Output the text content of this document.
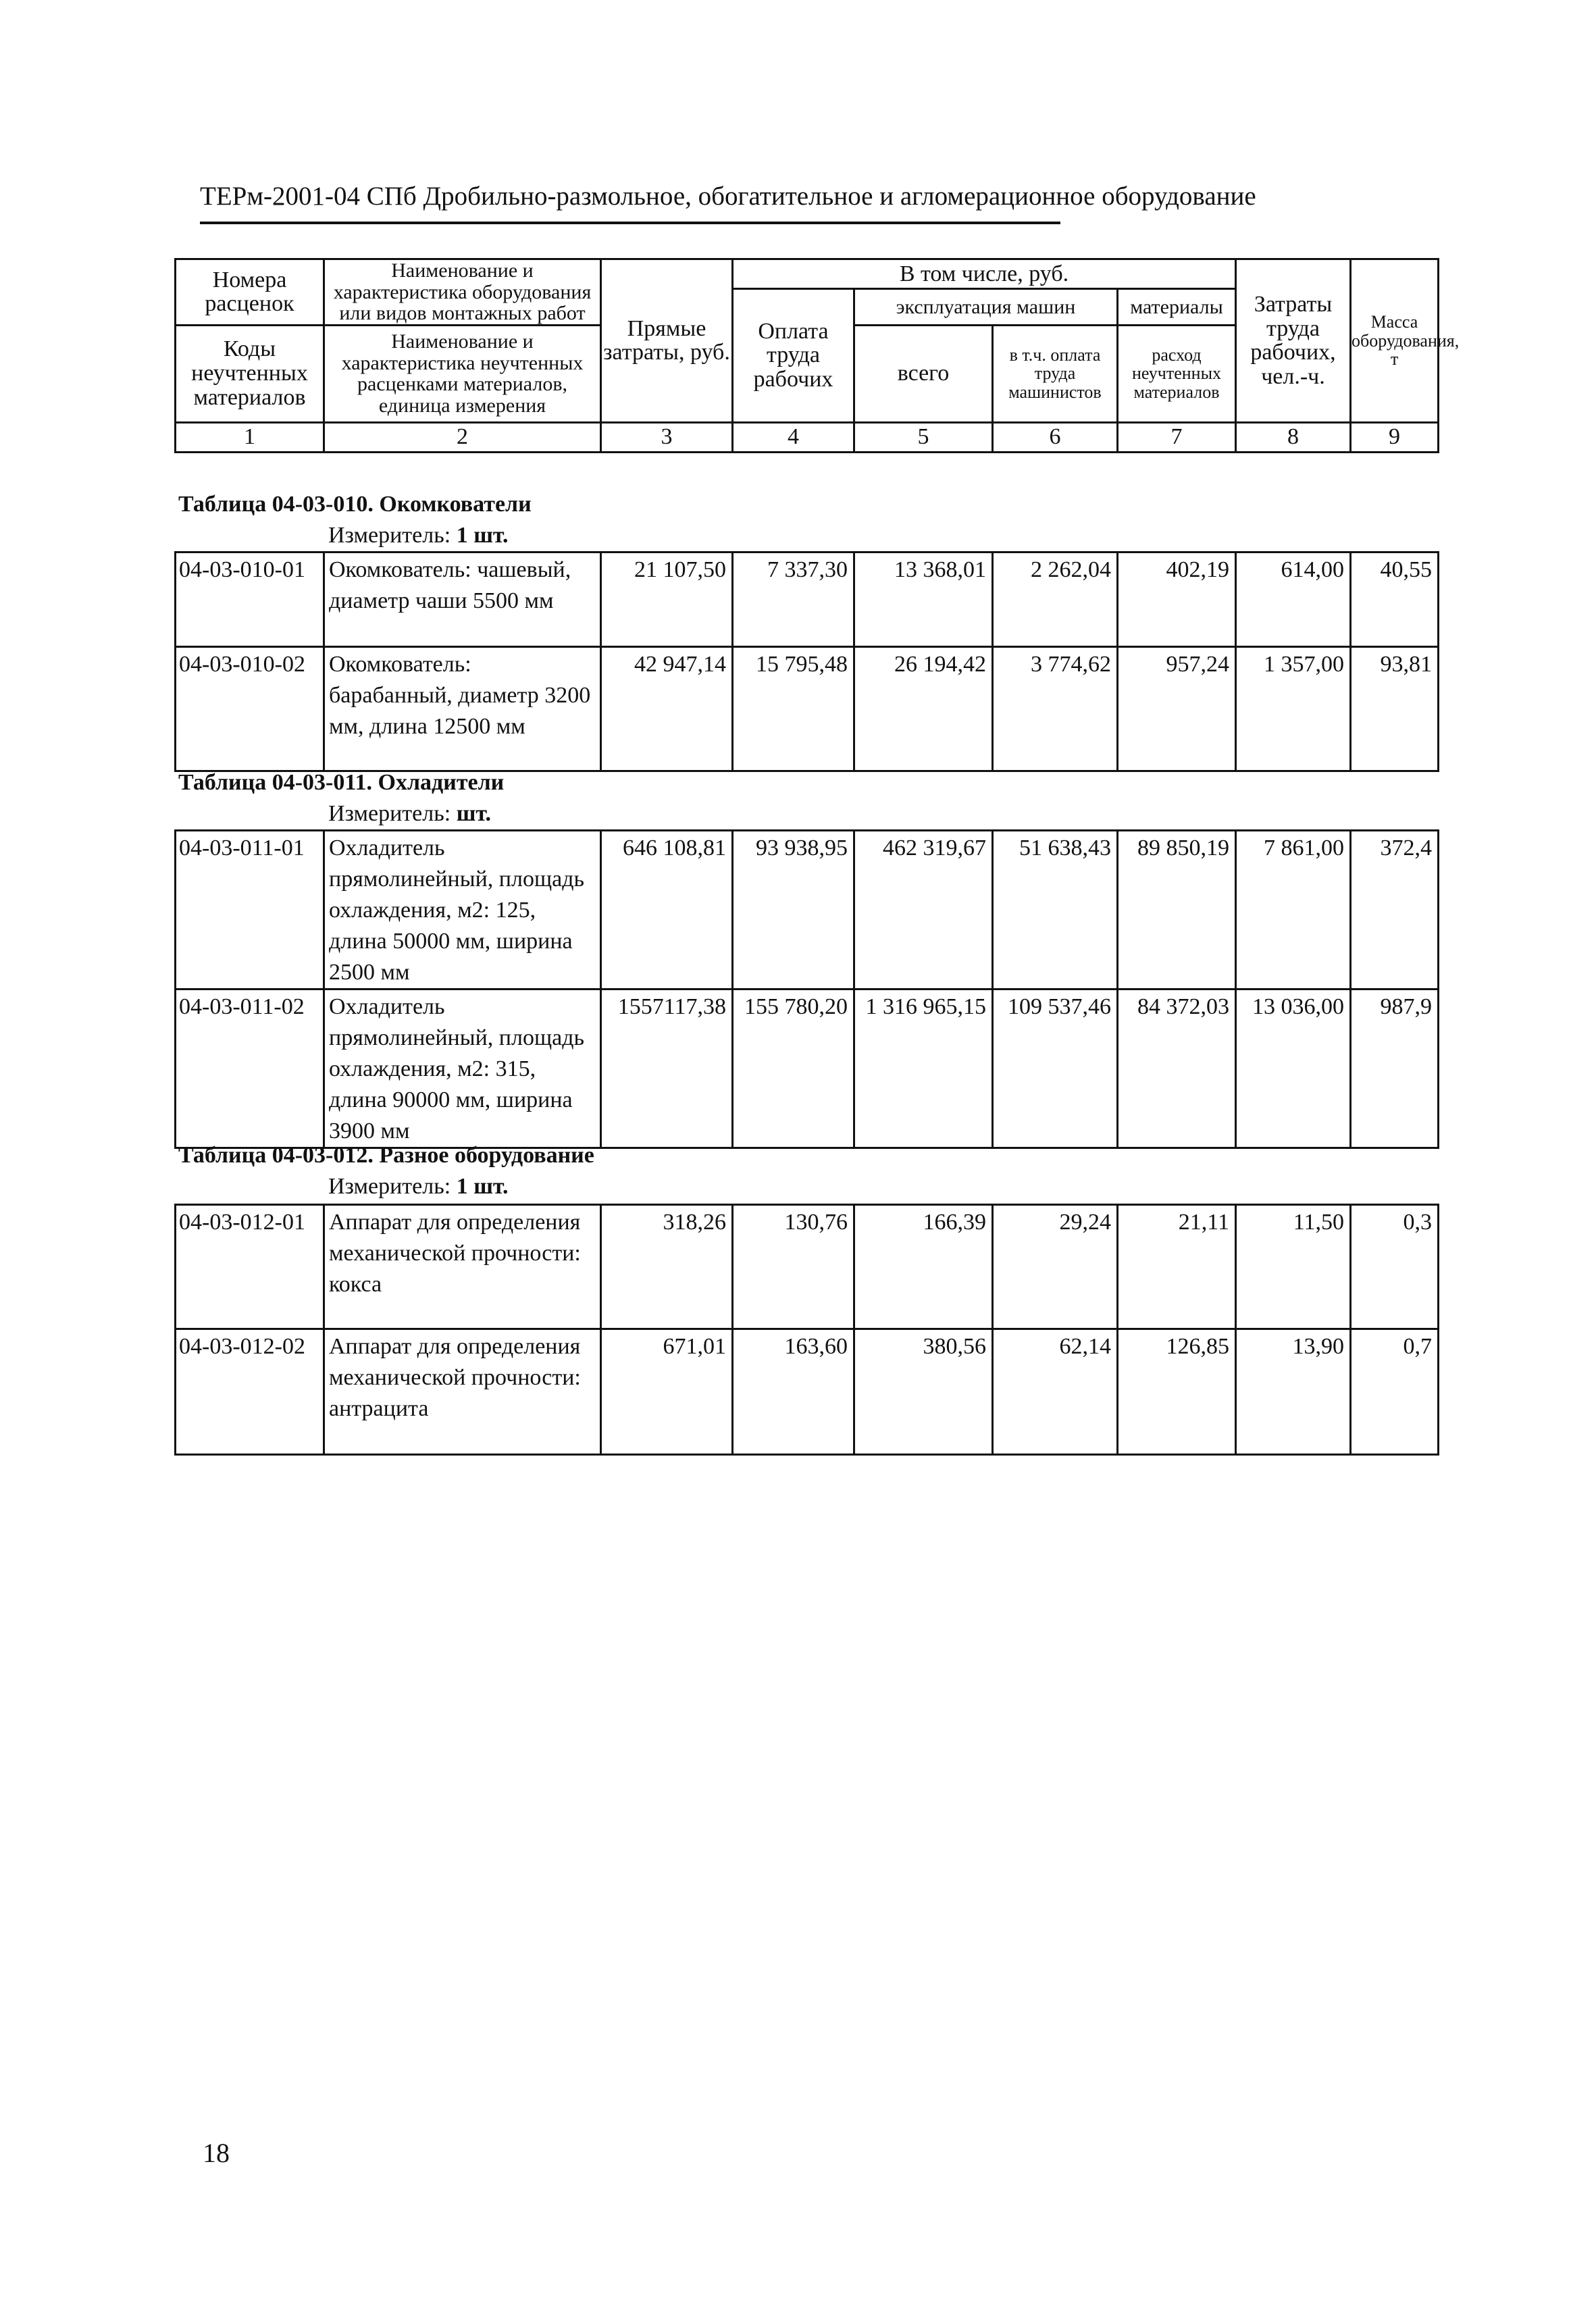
ТЕРм-2001-04 СПб Дробильно-размольное, обогатительное и агломерационное оборудование
Номера расценок	Наименование и характеристика оборудования или видов монтажных работ	Прямые затраты, руб.	В том числе, руб.				Затраты труда рабочих, чел.-ч.	Масса оборудования, т
			Оплата труда рабочих	эксплуатация машин		материалы		
Коды неучтенных материалов	Наименование и характеристика неучтенных расценками материалов, единица измерения			всего	в т.ч. оплата труда машинистов	расход неучтенных материалов		

1	2	3	4	5	6	7	8	9
Таблица 04-03-010. Окомкователи
Измеритель: 1 шт.
04-03-010-01	Окомкователь: чашевый, диаметр чаши 5500 мм	21 107,50	7 337,30	13 368,01	2 262,04	402,19	614,00	40,55
04-03-010-02	Окомкователь: барабанный, диаметр 3200 мм, длина 12500 мм	42 947,14	15 795,48	26 194,42	3 774,62	957,24	1 357,00	93,81
Таблица 04-03-011. Охладители
Измеритель: шт.
04-03-011-01	Охладитель прямолинейный, площадь охлаждения, м2: 125, длина 50000 мм, ширина 2500 мм	646 108,81	93 938,95	462 319,67	51 638,43	89 850,19	7 861,00	372,4
04-03-011-02	Охладитель прямолинейный, площадь охлаждения, м2: 315, длина 90000 мм, ширина 3900 мм	1557117,38	155 780,20	1 316 965,15	109 537,46	84 372,03	13 036,00	987,9
Таблица 04-03-012. Разное оборудование
Измеритель: 1 шт.
04-03-012-01	Аппарат для определения механической прочности: кокса	318,26	130,76	166,39	29,24	21,11	11,50	0,3
04-03-012-02	Аппарат для определения механической прочности: антрацита	671,01	163,60	380,56	62,14	126,85	13,90	0,7
18
